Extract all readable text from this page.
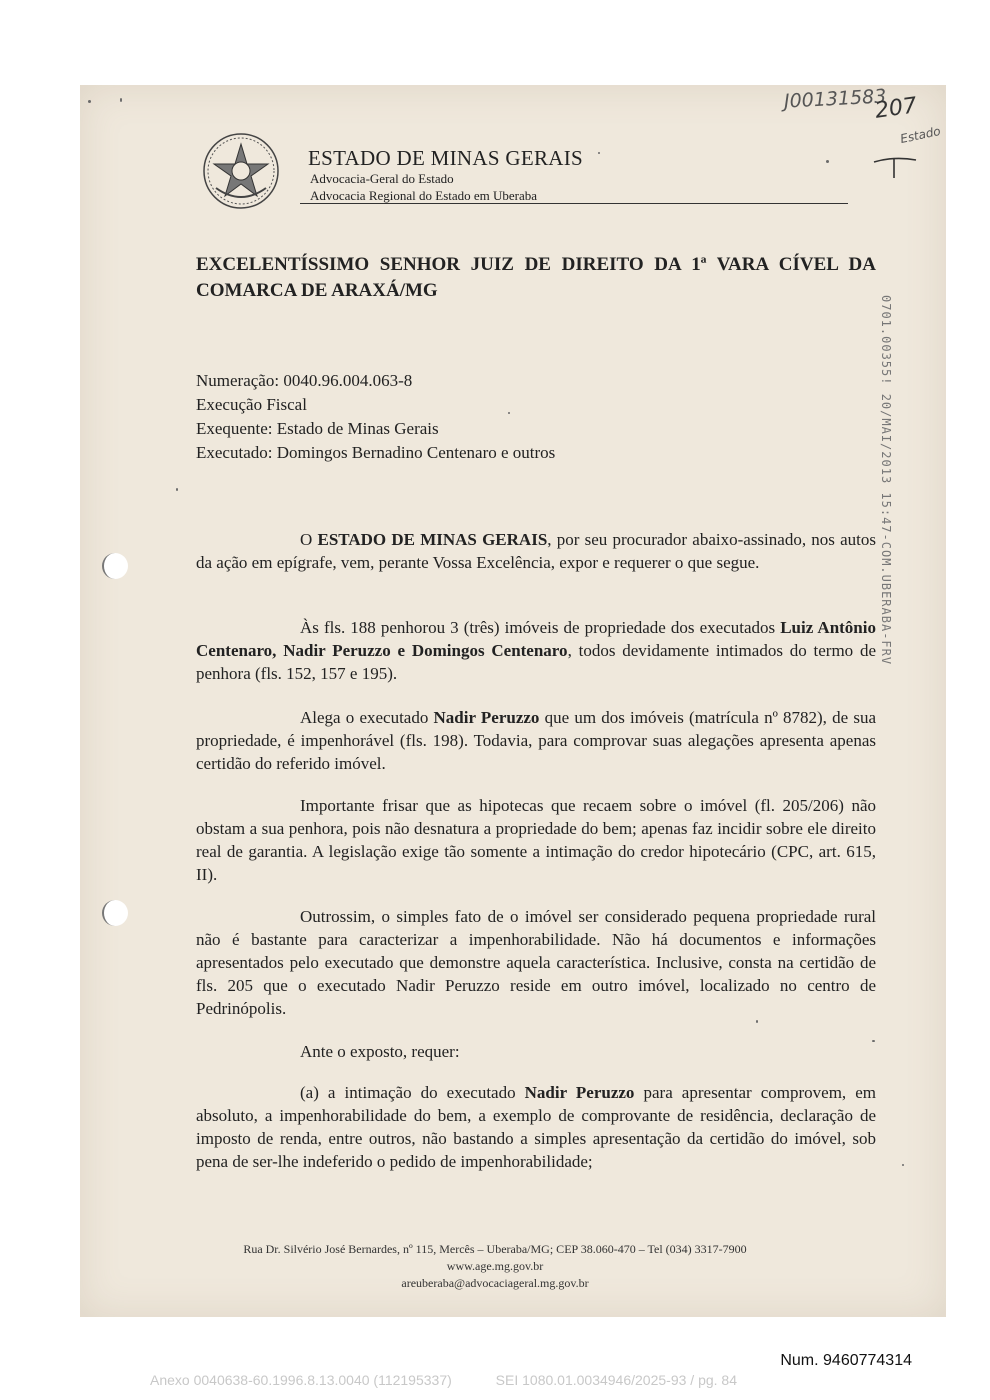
ESTADO DE MINAS GERAIS
Advocacia-Geral do Estado
Advocacia Regional do Estado em Uberaba
J00131583
207
Estado
EXCELENTÍSSIMO SENHOR JUIZ DE DIREITO DA 1ª VARA CÍVEL DA
COMARCA DE ARAXÁ/MG
Numeração: 0040.96.004.063-8
Execução Fiscal
Exequente: Estado de Minas Gerais
Executado: Domingos Bernadino Centenaro e outros	0701.00355! 20/MAI/2013 15:47-COM.UBERABA-FRV
O ESTADO DE MINAS GERAIS, por seu procurador abaixo-assinado, nos autos da ação em epígrafe, vem, perante Vossa Excelência, expor e requerer o que segue.
Às fls. 188 penhorou 3 (três) imóveis de propriedade dos executados Luiz Antônio Centenaro, Nadir Peruzzo e Domingos Centenaro, todos devidamente intimados do termo de penhora (fls. 152, 157 e 195).
Alega o executado Nadir Peruzzo que um dos imóveis (matrícula nº 8782), de sua propriedade, é impenhorável (fls. 198). Todavia, para comprovar suas alegações apresenta apenas certidão do referido imóvel.
Importante frisar que as hipotecas que recaem sobre o imóvel (fl. 205/206) não obstam a sua penhora, pois não desnatura a propriedade do bem; apenas faz incidir sobre ele direito real de garantia. A legislação exige tão somente a intimação do credor hipotecário (CPC, art. 615, II).
Outrossim, o simples fato de o imóvel ser considerado pequena propriedade rural não é bastante para caracterizar a impenhorabilidade. Não há documentos e informações apresentados pelo executado que demonstre aquela característica. Inclusive, consta na certidão de fls. 205 que o executado Nadir Peruzzo reside em outro imóvel, localizado no centro de Pedrinópolis.
Ante o exposto, requer:
(a) a intimação do executado Nadir Peruzzo para apresentar comprovem, em absoluto, a impenhorabilidade do bem, a exemplo de comprovante de residência, declaração de imposto de renda, entre outros, não bastando a simples apresentação da certidão do imóvel, sob pena de ser-lhe indeferido o pedido de impenhorabilidade;
Rua Dr. Silvério José Bernardes, nº 115, Mercês – Uberaba/MG; CEP 38.060-470 – Tel (034) 3317-7900
www.age.mg.gov.br
areuberaba@advocaciageral.mg.gov.br
Num. 9460774314
Anexo 0040638-60.1996.8.13.0040 (112195337)	SEI 1080.01.0034946/2025-93 / pg. 84
